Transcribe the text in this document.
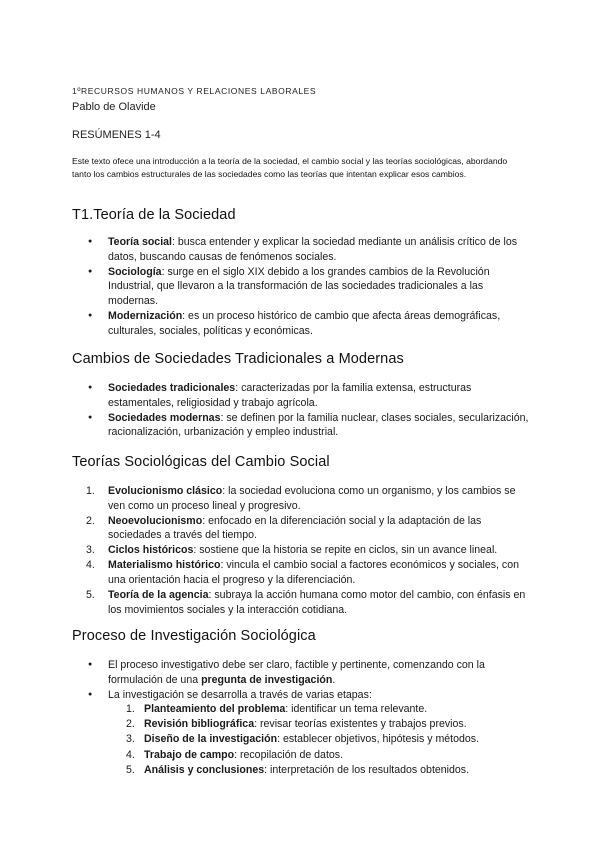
1ºRECURSOS HUMANOS Y RELACIONES LABORALES
Pablo de Olavide
RESÚMENES 1-4
Este texto ofece una introducción a la teoría de la sociedad, el cambio social y las teorías sociológicas, abordando tanto los cambios estructurales de las sociedades como las teorías que intentan explicar esos cambios.
T1.Teoría de la Sociedad
● Teoría social: busca entender y explicar la sociedad mediante un análisis crítico de los datos, buscando causas de fenómenos sociales.
● Sociología: surge en el siglo XIX debido a los grandes cambios de la Revolución Industrial, que llevaron a la transformación de las sociedades tradicionales a las modernas.
● Modernización: es un proceso histórico de cambio que afecta áreas demográficas, culturales, sociales, políticas y económicas.
Cambios de Sociedades Tradicionales a Modernas
● Sociedades tradicionales: caracterizadas por la familia extensa, estructuras estamentales, religiosidad y trabajo agrícola.
● Sociedades modernas: se definen por la familia nuclear, clases sociales, secularización, racionalización, urbanización y empleo industrial.
Teorías Sociológicas del Cambio Social
1. Evolucionismo clásico: la sociedad evoluciona como un organismo, y los cambios se ven como un proceso lineal y progresivo.
2. Neoevolucionismo: enfocado en la diferenciación social y la adaptación de las sociedades a través del tiempo.
3. Ciclos históricos: sostiene que la historia se repite en ciclos, sin un avance lineal.
4. Materialismo histórico: vincula el cambio social a factores económicos y sociales, con una orientación hacia el progreso y la diferenciación.
5. Teoría de la agencia: subraya la acción humana como motor del cambio, con énfasis en los movimientos sociales y la interacción cotidiana.
Proceso de Investigación Sociológica
● El proceso investigativo debe ser claro, factible y pertinente, comenzando con la formulación de una pregunta de investigación.
● La investigación se desarrolla a través de varias etapas:
1. Planteamiento del problema: identificar un tema relevante.
2. Revisión bibliográfica: revisar teorías existentes y trabajos previos.
3. Diseño de la investigación: establecer objetivos, hipótesis y métodos.
4. Trabajo de campo: recopilación de datos.
5. Análisis y conclusiones: interpretación de los resultados obtenidos.
